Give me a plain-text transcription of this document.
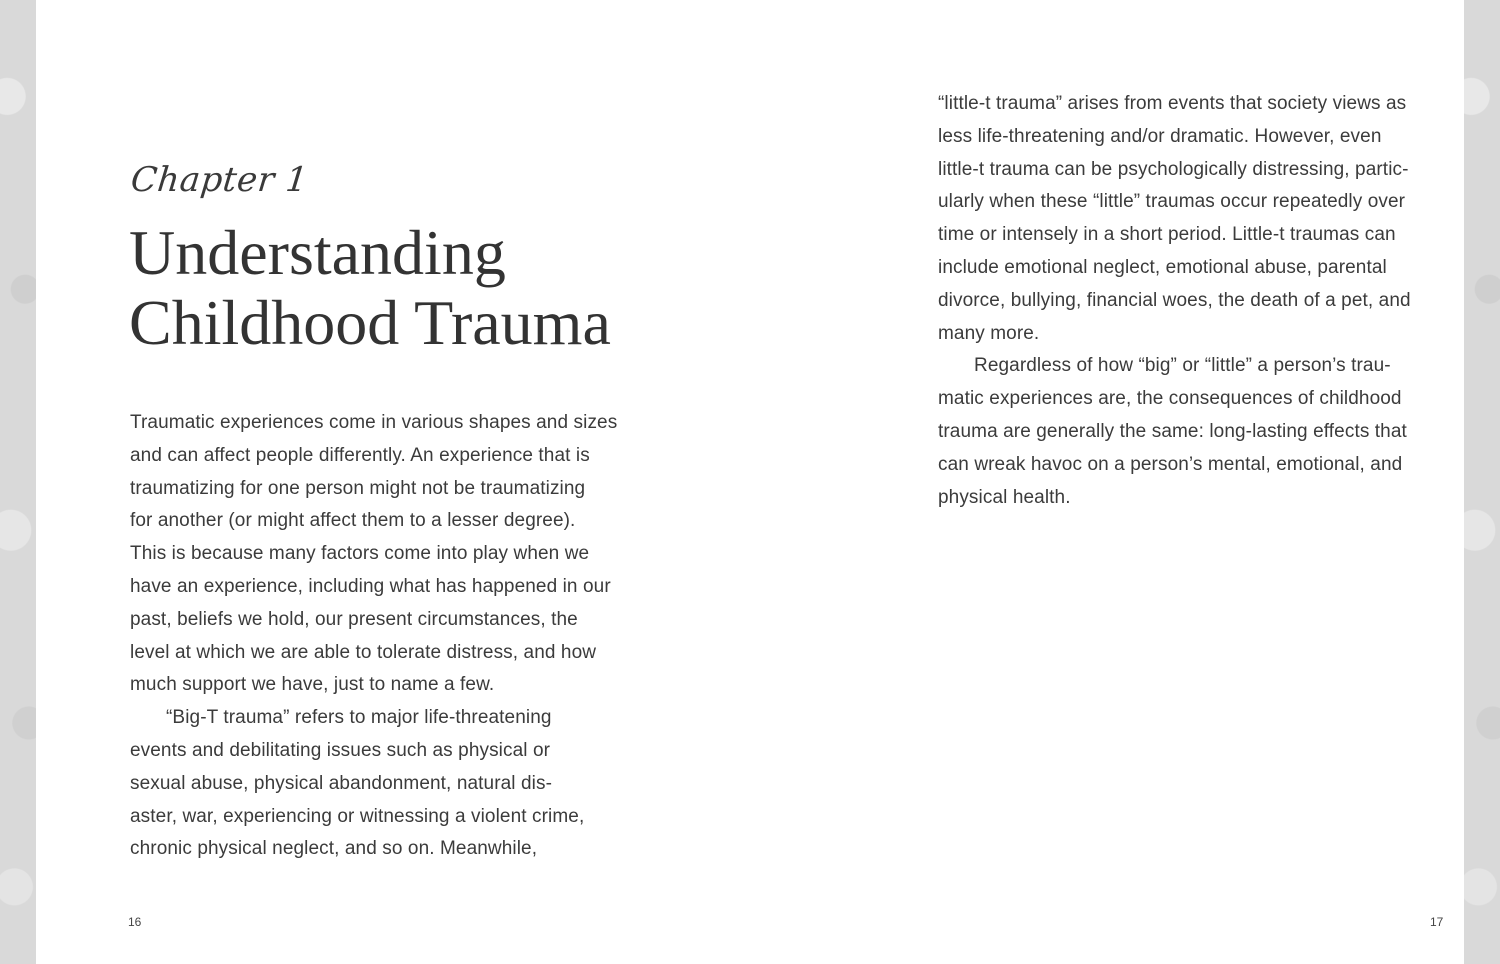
Chapter 1
Understanding
Childhood Trauma
Traumatic experiences come in various shapes and sizes
and can affect people differently. An experience that is
traumatizing for one person might not be traumatizing
for another (or might affect them to a lesser degree).
This is because many factors come into play when we
have an experience, including what has happened in our
past, beliefs we hold, our present circumstances, the
level at which we are able to tolerate distress, and how
much support we have, just to name a few.
“Big-T trauma” refers to major life-threatening
events and debilitating issues such as physical or
sexual abuse, physical abandonment, natural dis-
aster, war, experiencing or witnessing a violent crime,
chronic physical neglect, and so on. Meanwhile,
“little-t trauma” arises from events that society views as
less life-threatening and/or dramatic. However, even
little-t trauma can be psychologically distressing, partic-
ularly when these “little” traumas occur repeatedly over
time or intensely in a short period. Little-t traumas can
include emotional neglect, emotional abuse, parental
divorce, bullying, financial woes, the death of a pet, and
many more.
Regardless of how “big” or “little” a person’s trau-
matic experiences are, the consequences of childhood
trauma are generally the same: long-lasting effects that
can wreak havoc on a person’s mental, emotional, and
physical health.
16	17
